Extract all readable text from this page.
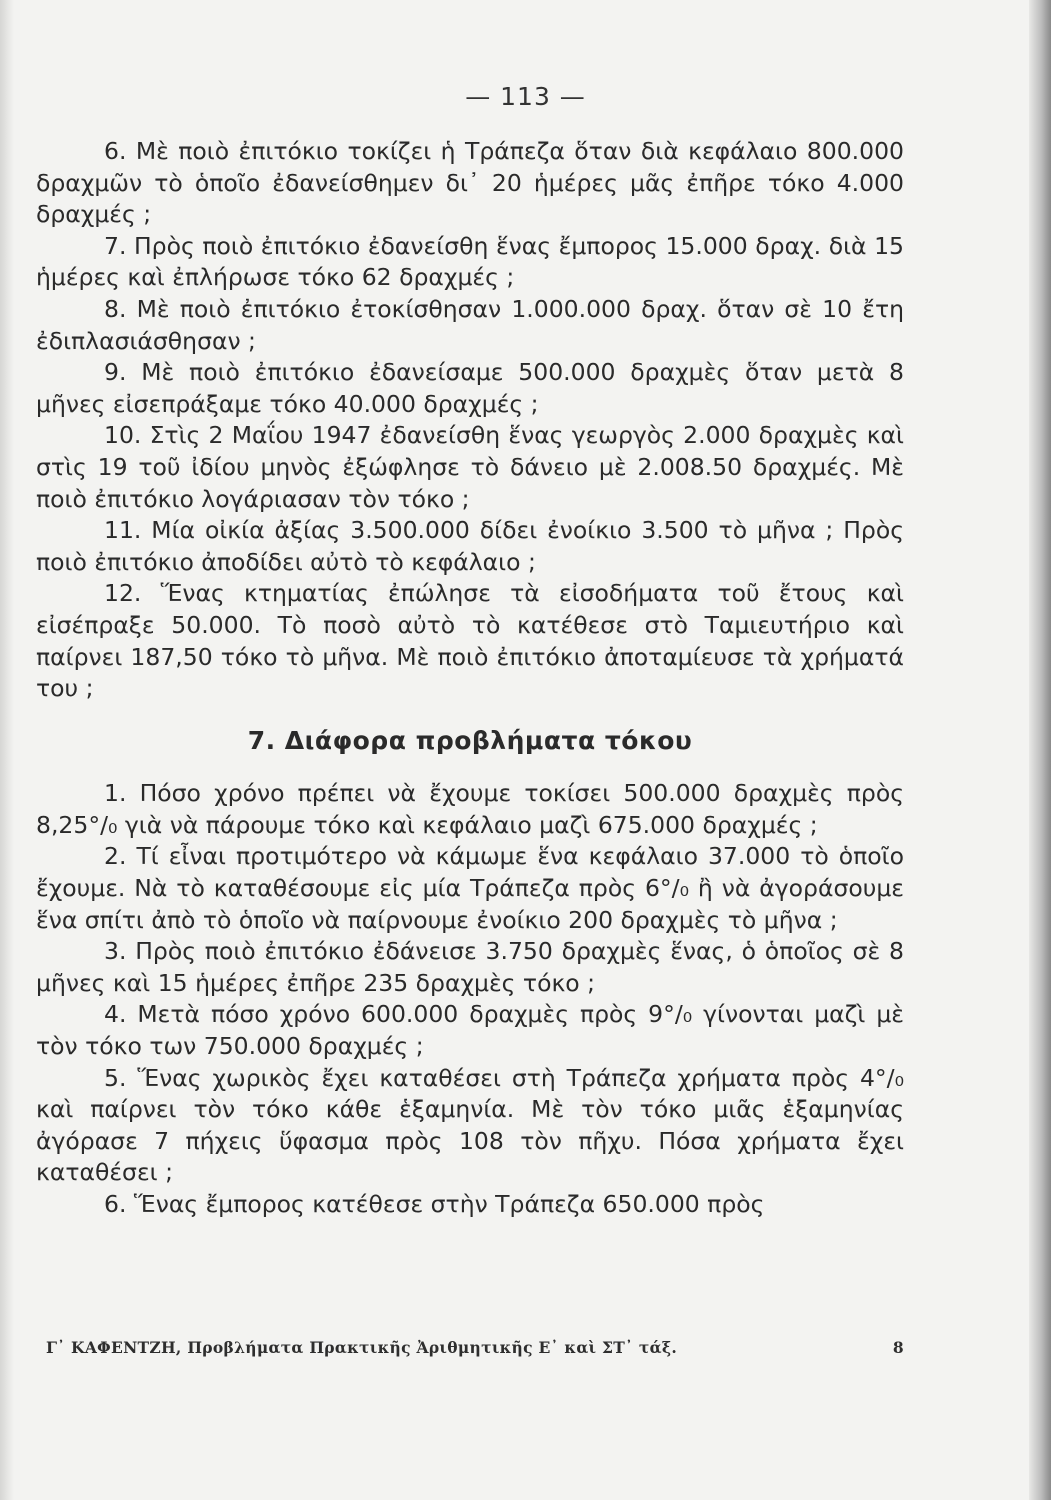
— 113 —

6. Μὲ ποιὸ ἐπιτόκιο τοκίζει ἡ Τράπεζα ὅταν διὰ κεφάλαιο 800.000 δραχμῶν τὸ ὁποῖο ἐδανείσθημεν δι᾽ 20 ἡμέρες μᾶς ἐπῆρε τόκο 4.000 δραχμές ;

7. Πρὸς ποιὸ ἐπιτόκιο ἐδανείσθη ἕνας ἔμπορος 15.000 δραχ. διὰ 15 ἡμέρες καὶ ἐπλήρωσε τόκο 62 δραχμές ;

8. Μὲ ποιὸ ἐπιτόκιο ἐτοκίσθησαν 1.000.000 δραχ. ὅταν σὲ 10 ἔτη ἐδιπλασιάσθησαν ;

9. Μὲ ποιὸ ἐπιτόκιο ἐδανείσαμε 500.000 δραχμὲς ὅταν μετὰ 8 μῆνες εἰσεπράξαμε τόκο 40.000 δραχμές ;

10. Στὶς 2 Μαΐου 1947 ἐδανείσθη ἕνας γεωργὸς 2.000 δραχμὲς καὶ στὶς 19 τοῦ ἰδίου μηνὸς ἐξώφλησε τὸ δάνειο μὲ 2.008.50 δραχμές. Μὲ ποιὸ ἐπιτόκιο λογάριασαν τὸν τόκο ;

11. Μία οἰκία ἀξίας 3.500.000 δίδει ἐνοίκιο 3.500 τὸ μῆνα ; Πρὸς ποιὸ ἐπιτόκιο ἀποδίδει αὐτὸ τὸ κεφάλαιο ;

12. Ἕνας κτηματίας ἐπώλησε τὰ εἰσοδήματα τοῦ ἔτους καὶ εἰσέπραξε 50.000. Τὸ ποσὸ αὐτὸ τὸ κατέθεσε στὸ Ταμιευτήριο καὶ παίρνει 187,50 τόκο τὸ μῆνα. Μὲ ποιὸ ἐπιτόκιο ἀποταμίευσε τὰ χρήματά του ;

7. Διάφορα προβλήματα τόκου

1. Πόσο χρόνο πρέπει νὰ ἔχουμε τοκίσει 500.000 δραχμὲς πρὸς 8,25°/₀ γιὰ νὰ πάρουμε τόκο καὶ κεφάλαιο μαζὶ 675.000 δραχμές ;

2. Τί εἶναι προτιμότερο νὰ κάμωμε ἕνα κεφάλαιο 37.000 τὸ ὁποῖο ἔχουμε. Νὰ τὸ καταθέσουμε εἰς μία Τράπεζα πρὸς 6°/₀ ἢ νὰ ἀγοράσουμε ἕνα σπίτι ἀπὸ τὸ ὁποῖο νὰ παίρνουμε ἐνοίκιο 200 δραχμὲς τὸ μῆνα ;

3. Πρὸς ποιὸ ἐπιτόκιο ἐδάνεισε 3.750 δραχμὲς ἕνας, ὁ ὁποῖος σὲ 8 μῆνες καὶ 15 ἡμέρες ἐπῆρε 235 δραχμὲς τόκο ;

4. Μετὰ πόσο χρόνο 600.000 δραχμὲς πρὸς 9°/₀ γίνονται μαζὶ μὲ τὸν τόκο των 750.000 δραχμές ;

5. Ἕνας χωρικὸς ἔχει καταθέσει στὴ Τράπεζα χρήματα πρὸς 4°/₀ καὶ παίρνει τὸν τόκο κάθε ἑξαμηνία. Μὲ τὸν τόκο μιᾶς ἑξαμηνίας ἀγόρασε 7 πήχεις ὕφασμα πρὸς 108 τὸν πῆχυ. Πόσα χρήματα ἔχει καταθέσει ;

6. Ἕνας ἔμπορος κατέθεσε στὴν Τράπεζα 650.000 πρὸς

Γ᾽ ΚΑΦΕΝΤΖΗ, Προβλήματα Πρακτικῆς Ἀριθμητικῆς Ε᾽ καὶ ΣΤ᾽ τάξ.	8
